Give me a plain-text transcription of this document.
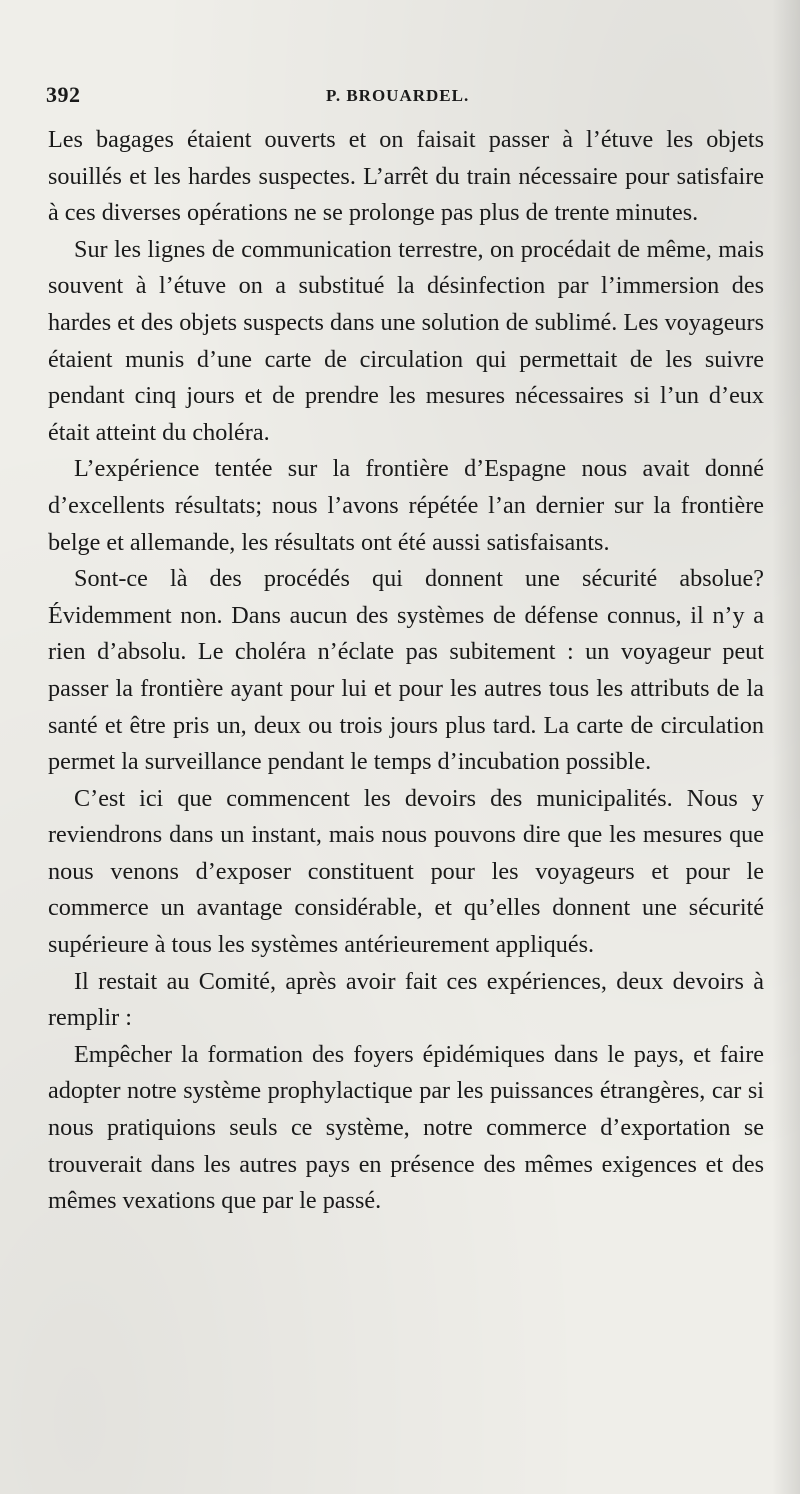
392	P. BROUARDEL.

Les bagages étaient ouverts et on faisait passer à l’étuve les objets souillés et les hardes suspectes. L’arrêt du train nécessaire pour satisfaire à ces diverses opérations ne se prolonge pas plus de trente minutes.

Sur les lignes de communication terrestre, on procédait de même, mais souvent à l’étuve on a substitué la désinfection par l’immersion des hardes et des objets suspects dans une solution de sublimé. Les voyageurs étaient munis d’une carte de circulation qui permettait de les suivre pendant cinq jours et de prendre les mesures nécessaires si l’un d’eux était atteint du choléra.

L’expérience tentée sur la frontière d’Espagne nous avait donné d’excellents résultats; nous l’avons répétée l’an dernier sur la frontière belge et allemande, les résultats ont été aussi satisfaisants.

Sont-ce là des procédés qui donnent une sécurité absolue? Évidemment non. Dans aucun des systèmes de défense connus, il n’y a rien d’absolu. Le choléra n’éclate pas subitement : un voyageur peut passer la frontière ayant pour lui et pour les autres tous les attributs de la santé et être pris un, deux ou trois jours plus tard. La carte de circulation permet la surveillance pendant le temps d’incubation possible.

C’est ici que commencent les devoirs des municipalités. Nous y reviendrons dans un instant, mais nous pouvons dire que les mesures que nous venons d’exposer constituent pour les voyageurs et pour le commerce un avantage considérable, et qu’elles donnent une sécurité supérieure à tous les systèmes antérieurement appliqués.

Il restait au Comité, après avoir fait ces expériences, deux devoirs à remplir :

Empêcher la formation des foyers épidémiques dans le pays, et faire adopter notre système prophylactique par les puissances étrangères, car si nous pratiquions seuls ce système, notre commerce d’exportation se trouverait dans les autres pays en présence des mêmes exigences et des mêmes vexations que par le passé.
